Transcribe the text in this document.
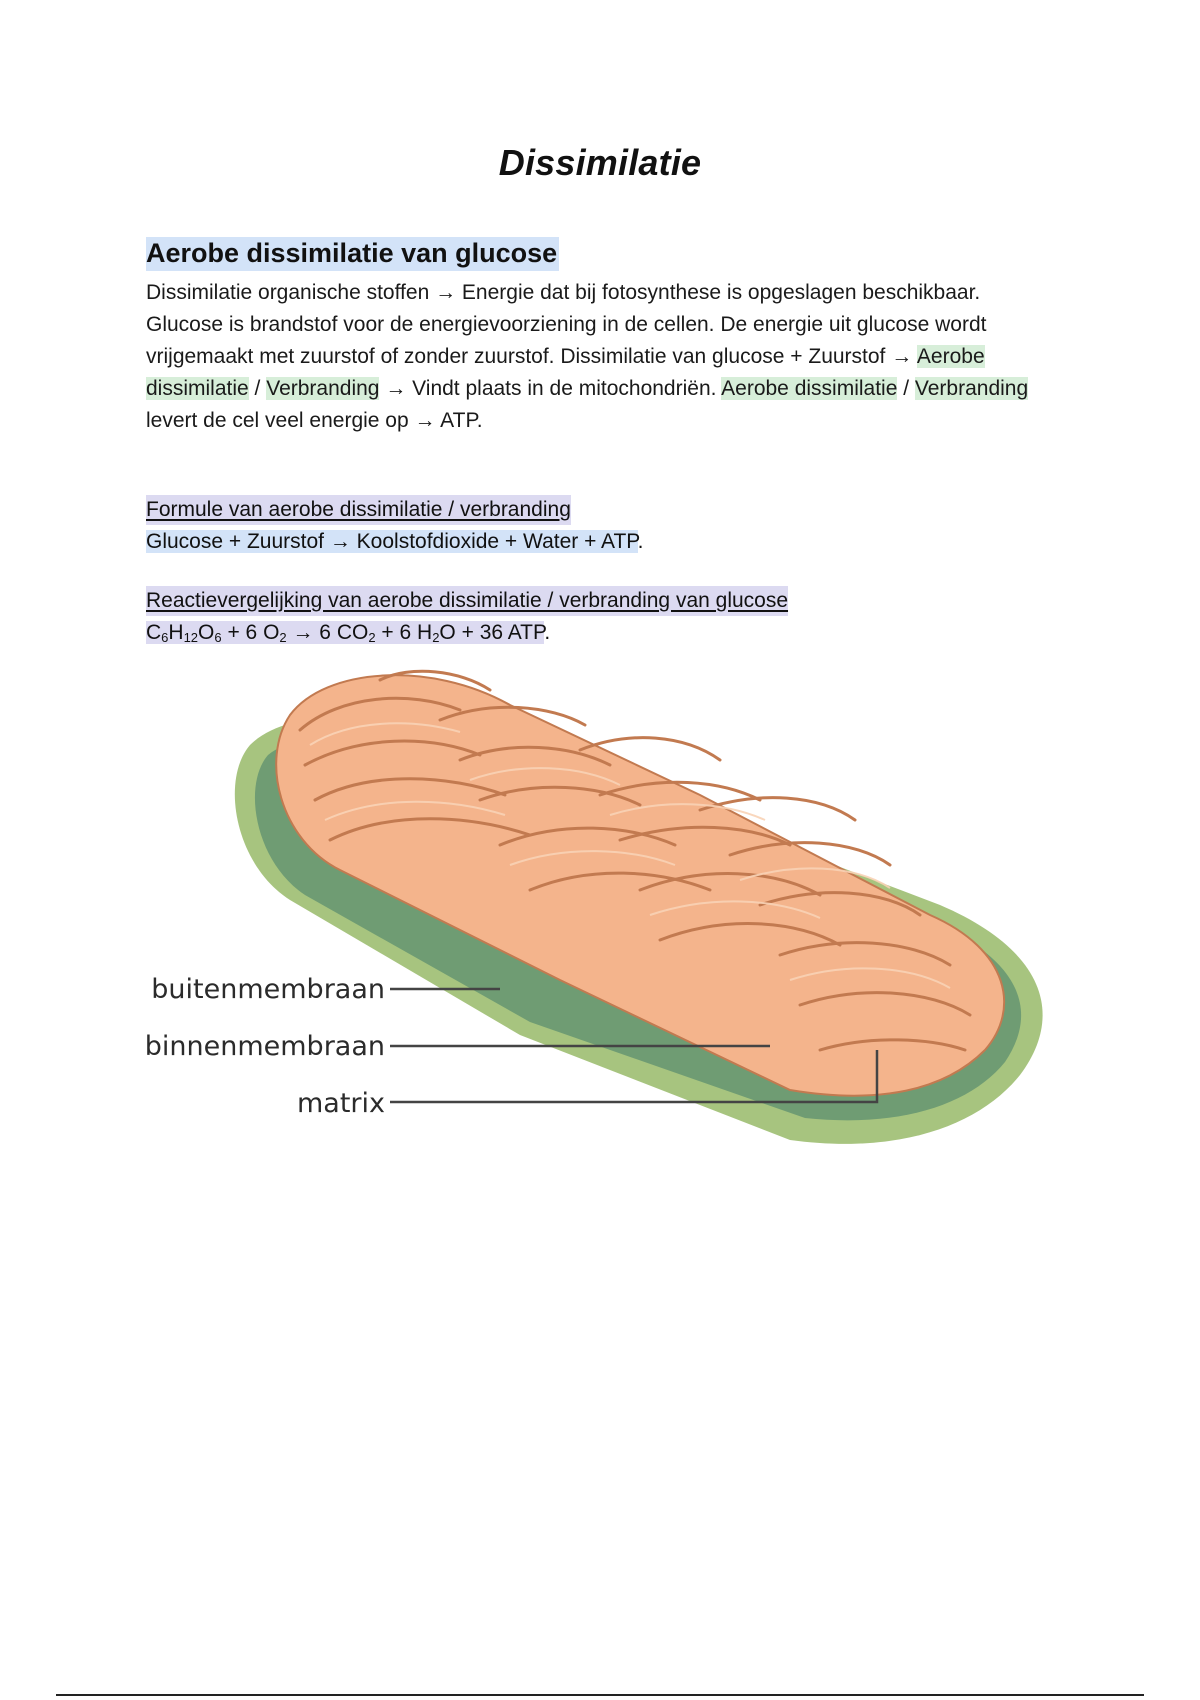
Dissimilatie
Aerobe dissimilatie van glucose

Dissimilatie organische stoffen → Energie dat bij fotosynthese is opgeslagen beschikbaar. Glucose is brandstof voor de energievoorziening in de cellen. De energie uit glucose wordt vrijgemaakt met zuurstof of zonder zuurstof. Dissimilatie van glucose + Zuurstof → Aerobe dissimilatie / Verbranding → Vindt plaats in de mitochondriën. Aerobe dissimilatie / Verbranding levert de cel veel energie op → ATP.

Formule van aerobe dissimilatie / verbranding
Glucose + Zuurstof → Koolstofdioxide + Water + ATP.
Reactievergelijking van aerobe dissimilatie / verbranding van glucose
$C_6H_{12}O_6 + 6$ $O_2 \to 6$ $CO_2 + 6$ $H_2O + 36$ ATP.
buitenmembraan
binnenmembraan
matrix
